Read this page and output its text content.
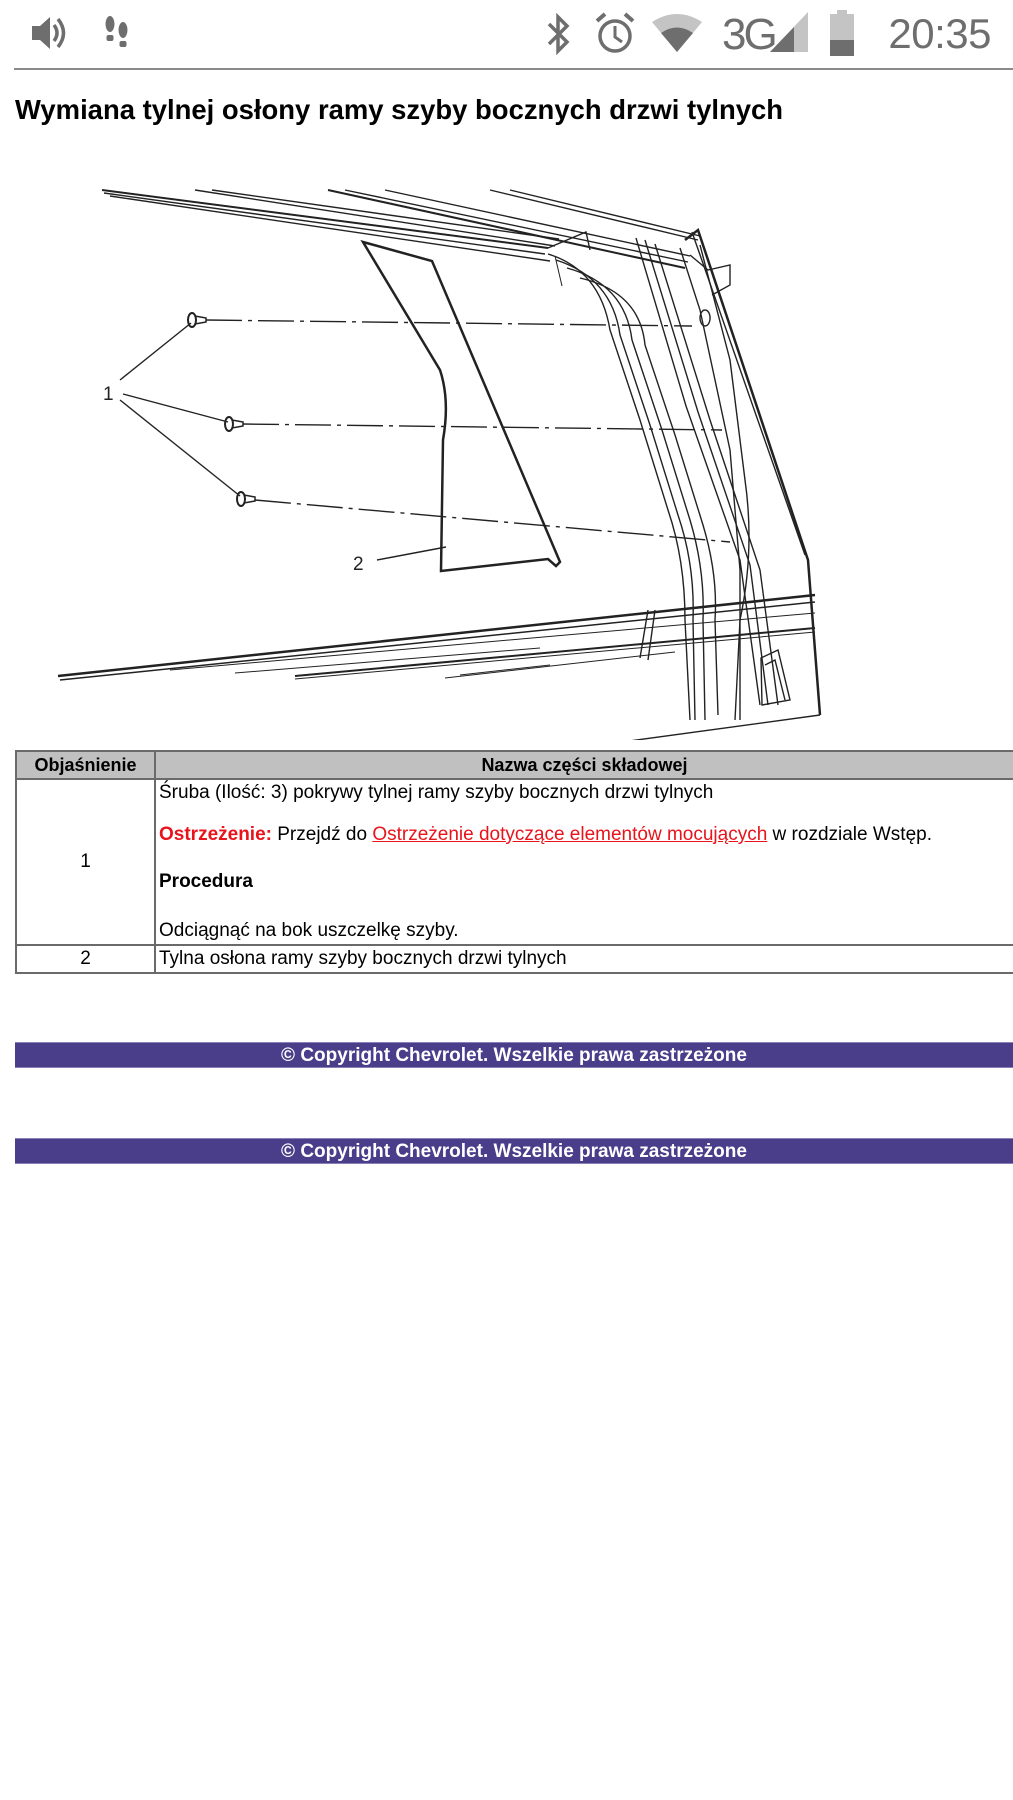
3G	20:35
Wymiana tylnej osłony ramy szyby bocznych drzwi tylnych
1
2
Objaśnienie	Nazwa części składowej
1	Śruba (Ilość: 3) pokrywy tylnej ramy szyby bocznych drzwi tylnych

Ostrzeżenie: Przejdź do Ostrzeżenie dotyczące elementów mocujących w rozdziale Wstęp.

Procedura

Odciągnąć na bok uszczelkę szyby.

2	Tylna osłona ramy szyby bocznych drzwi tylnych
© Copyright Chevrolet. Wszelkie prawa zastrzeżone
© Copyright Chevrolet. Wszelkie prawa zastrzeżone
